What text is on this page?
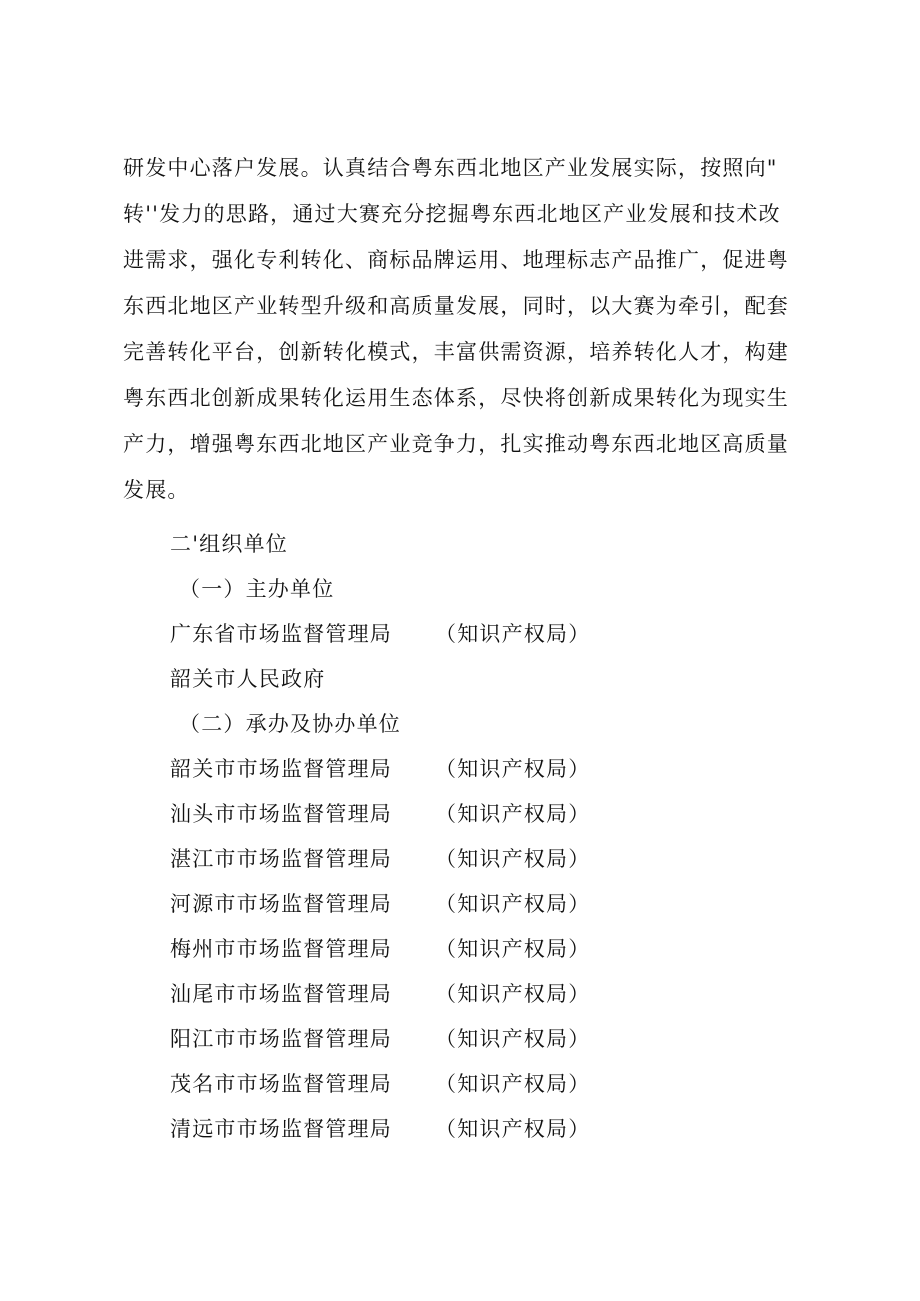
研发中心落户发展。认真结合粤东西北地区产业发展实际，按照向"
转''发力的思路，通过大赛充分挖掘粤东西北地区产业发展和技术改
进需求，强化专利转化、商标品牌运用、地理标志产品推广，促进粤
东西北地区产业转型升级和高质量发展，同时，以大赛为牵引，配套
完善转化平台，创新转化模式，丰富供需资源，培养转化人才，构建
粤东西北创新成果转化运用生态体系，尽快将创新成果转化为现实生
产力，增强粤东西北地区产业竞争力，扎实推动粤东西北地区高质量
发展。
二'组织单位
（一）主办单位
广东省市场监督管理局 （知识产权局）
韶关市人民政府
（二）承办及协办单位
韶关市市场监督管理局 （知识产权局）
汕头市市场监督管理局 （知识产权局）
湛江市市场监督管理局 （知识产权局）
河源市市场监督管理局 （知识产权局）
梅州市市场监督管理局 （知识产权局）
汕尾市市场监督管理局 （知识产权局）
阳江市市场监督管理局 （知识产权局）
茂名市市场监督管理局 （知识产权局）
清远市市场监督管理局 （知识产权局）
